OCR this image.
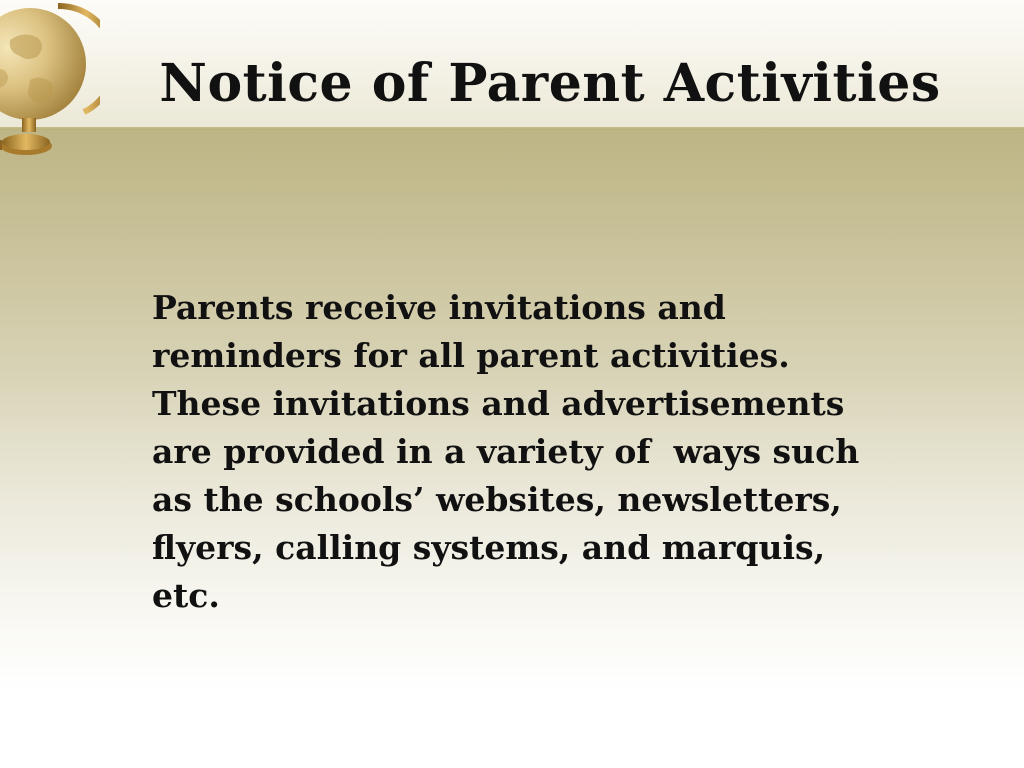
Notice of Parent Activities

Parents receive invitations and
reminders for all parent activities.
These invitations and advertisements
are provided in a variety of  ways such
as the schools’ websites, newsletters,
flyers, calling systems, and marquis,
etc.
